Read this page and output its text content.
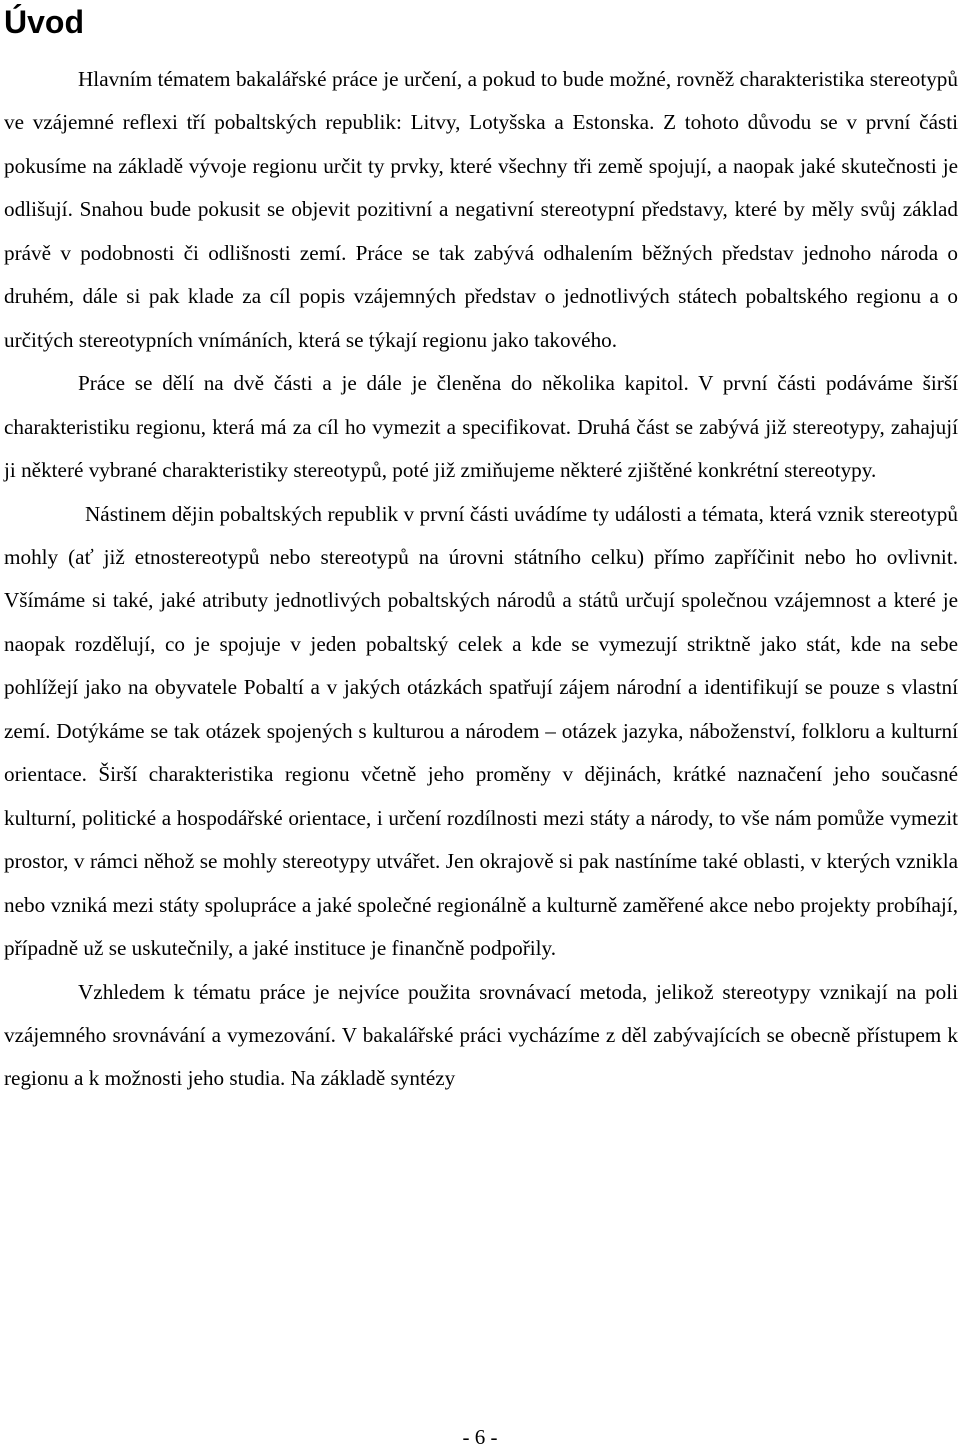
Úvod

Hlavním tématem bakalářské práce je určení, a pokud to bude možné, rovněž charakteristika stereotypů ve vzájemné reflexi tří pobaltských republik: Litvy, Lotyšska a Estonska. Z tohoto důvodu se v první části pokusíme na základě vývoje regionu určit ty prvky, které všechny tři země spojují, a naopak jaké skutečnosti je odlišují. Snahou bude pokusit se objevit pozitivní a negativní stereotypní představy, které by měly svůj základ právě v podobnosti či odlišnosti zemí. Práce se tak zabývá odhalením běžných představ jednoho národa o druhém, dále si pak klade za cíl popis vzájemných představ o jednotlivých státech pobaltského regionu a o určitých stereotypních vnímáních, která se týkají regionu jako takového.

Práce se dělí na dvě části a je dále je členěna do několika kapitol. V první části podáváme širší charakteristiku regionu, která má za cíl ho vymezit a specifikovat. Druhá část se zabývá již stereotypy, zahajují ji některé vybrané charakteristiky stereotypů, poté již zmiňujeme některé zjištěné konkrétní stereotypy.

Nástinem dějin pobaltských republik v první části uvádíme ty události a témata, která vznik stereotypů mohly (ať již etnostereotypů nebo stereotypů na úrovni státního celku) přímo zapříčinit nebo ho ovlivnit. Všímáme si také, jaké atributy jednotlivých pobaltských národů a států určují společnou vzájemnost a které je naopak rozdělují, co je spojuje v jeden pobaltský celek a kde se vymezují striktně jako stát, kde na sebe pohlížejí jako na obyvatele Pobaltí a v jakých otázkách spatřují zájem národní a identifikují se pouze s vlastní zemí. Dotýkáme se tak otázek spojených s kulturou a národem – otázek jazyka, náboženství, folkloru a kulturní orientace. Širší charakteristika regionu včetně jeho proměny v dějinách, krátké naznačení jeho současné kulturní, politické a hospodářské orientace, i určení rozdílnosti mezi státy a národy, to vše nám pomůže vymezit prostor, v rámci něhož se mohly stereotypy utvářet. Jen okrajově si pak nastíníme také oblasti, v kterých vznikla nebo vzniká mezi státy spolupráce a jaké společné regionálně a kulturně zaměřené akce nebo projekty probíhají, případně už se uskutečnily, a jaké instituce je finančně podpořily.

Vzhledem k tématu práce je nejvíce použita srovnávací metoda, jelikož stereotypy vznikají na poli vzájemného srovnávání a vymezování. V bakalářské práci vycházíme z děl zabývajících se obecně přístupem k regionu a k možnosti jeho studia. Na základě syntézy

- 6 -
